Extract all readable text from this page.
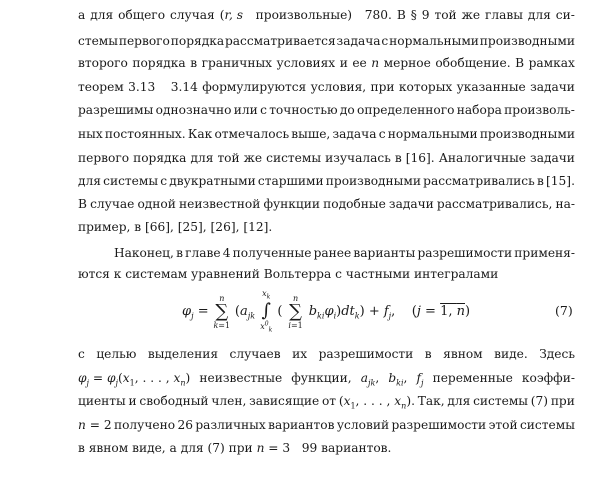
а для общего случая (r, s произвольные) 780. В § 9 той же главы для си-
стемы первого порядка рассматривается задача с нормальными производными
второго порядка в граничных условиях и ее n мерное обобщение. В рамках
теорем 3.13    3.14 формулируются условия, при которых указанные задачи
разрешимы однозначно или с точностью до определенного набора произволь-
ных постоянных. Как отмечалось выше, задача с нормальными производными
первого порядка для той же системы изучалась в [16]. Аналогичные задачи
для системы с двукратными старшими производными рассматривались в [15].
В случае одной неизвестной функции подобные задачи рассматривались, на-
пример, в [66], [25], [26], [12].
Наконец, в главе 4 полученные ранее варианты разрешимости применя-
ются к системам уравнений Вольтерра с частными интегралами
$\varphi_j$ =
n
∑
k=1
($a_{jk}$
$x_k$
∫
$x^0_k$
(
n
∑
i=1
$b_{ki}\varphi_i)dt_k) + f_j$,    (j = 1, n)	(7)
с целью выделения случаев их разрешимости в явном виде. Здесь
$\varphi_j = \varphi_j(x_1$, . . . , $x_n$) неизвестные функции, $a_{jk}$, $b_{ki}$, $f_j$ переменные коэффи-
циенты и свободный член, зависящие от ($x_1$, . . . , $x_n$). Так, для системы (7) при
n = 2 получено 26 различных вариантов условий разрешимости этой системы
в явном виде, а для (7) при n = 3   99 вариантов.
